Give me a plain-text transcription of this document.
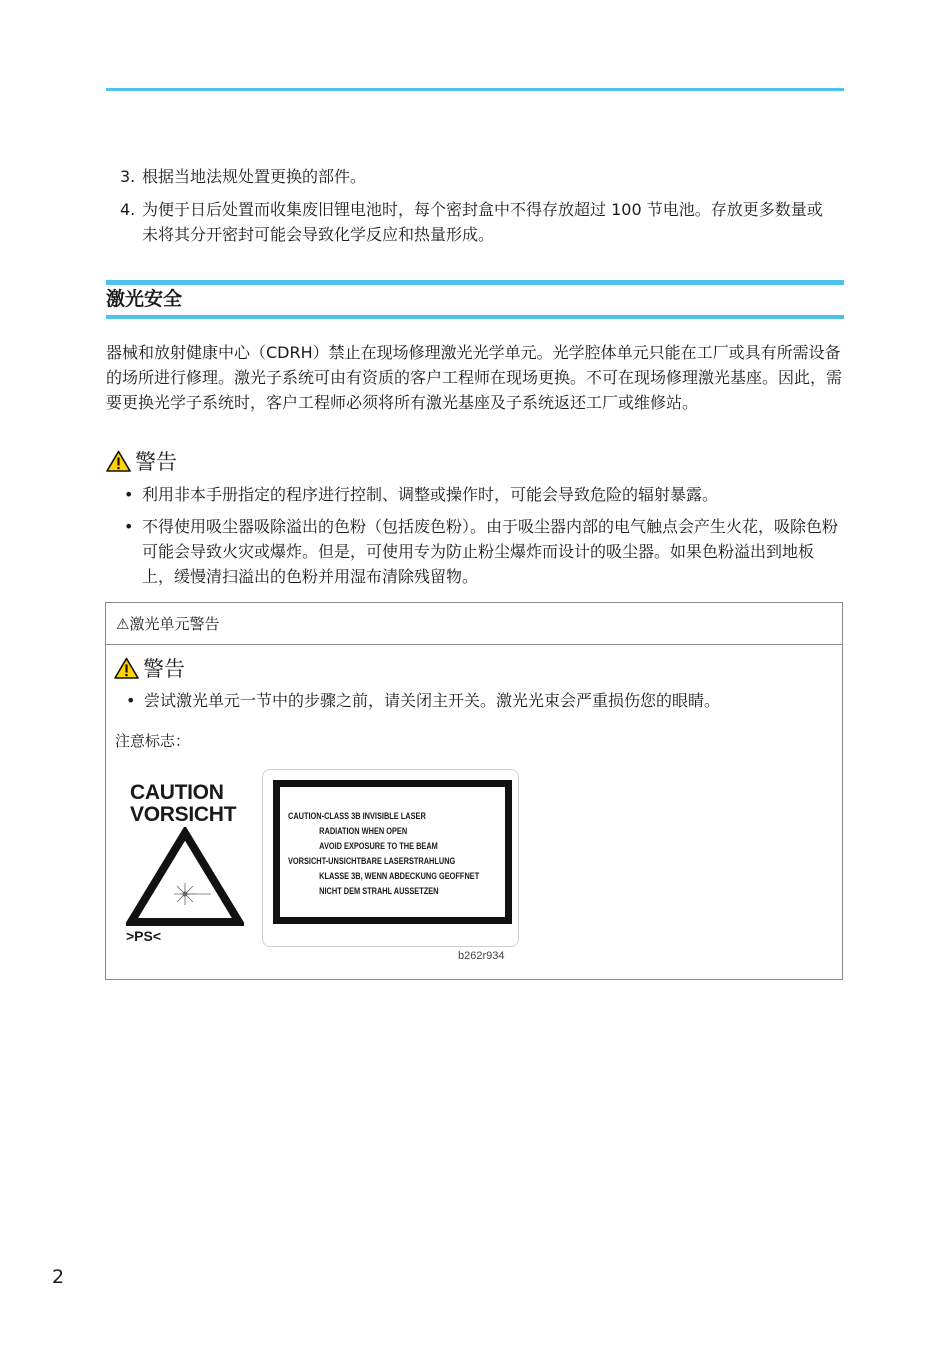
3. 根据当地法规处置更换的部件。
4. 为便于日后处置而收集废旧锂电池时，每个密封盒中不得存放超过 100 节电池。存放更多数量或未将其分开密封可能会导致化学反应和热量形成。
激光安全
器械和放射健康中心（CDRH）禁止在现场修理激光光学单元。光学腔体单元只能在工厂或具有所需设备的场所进行修理。激光子系统可由有资质的客户工程师在现场更换。不可在现场修理激光基座。因此，需要更换光学子系统时，客户工程师必须将所有激光基座及子系统返还工厂或维修站。
警告
• 利用非本手册指定的程序进行控制、调整或操作时，可能会导致危险的辐射暴露。
• 不得使用吸尘器吸除溢出的色粉（包括废色粉）。由于吸尘器内部的电气触点会产生火花，吸除色粉可能会导致火灾或爆炸。但是，可使用专为防止粉尘爆炸而设计的吸尘器。如果色粉溢出到地板上，缓慢清扫溢出的色粉并用湿布清除残留物。
⚠激光单元警告
警告
• 尝试激光单元一节中的步骤之前，请关闭主开关。激光光束会严重损伤您的眼睛。
注意标志：
CAUTION
VORSICHT
>PS<
CAUTION-CLASS 3B INVISIBLE LASER
RADIATION WHEN OPEN
AVOID EXPOSURE TO THE BEAM
VORSICHT-UNSICHTBARE LASERSTRAHLUNG
KLASSE 3B, WENN ABDECKUNG GEOFFNET
NICHT DEM STRAHL AUSSETZEN
b262r934
2
